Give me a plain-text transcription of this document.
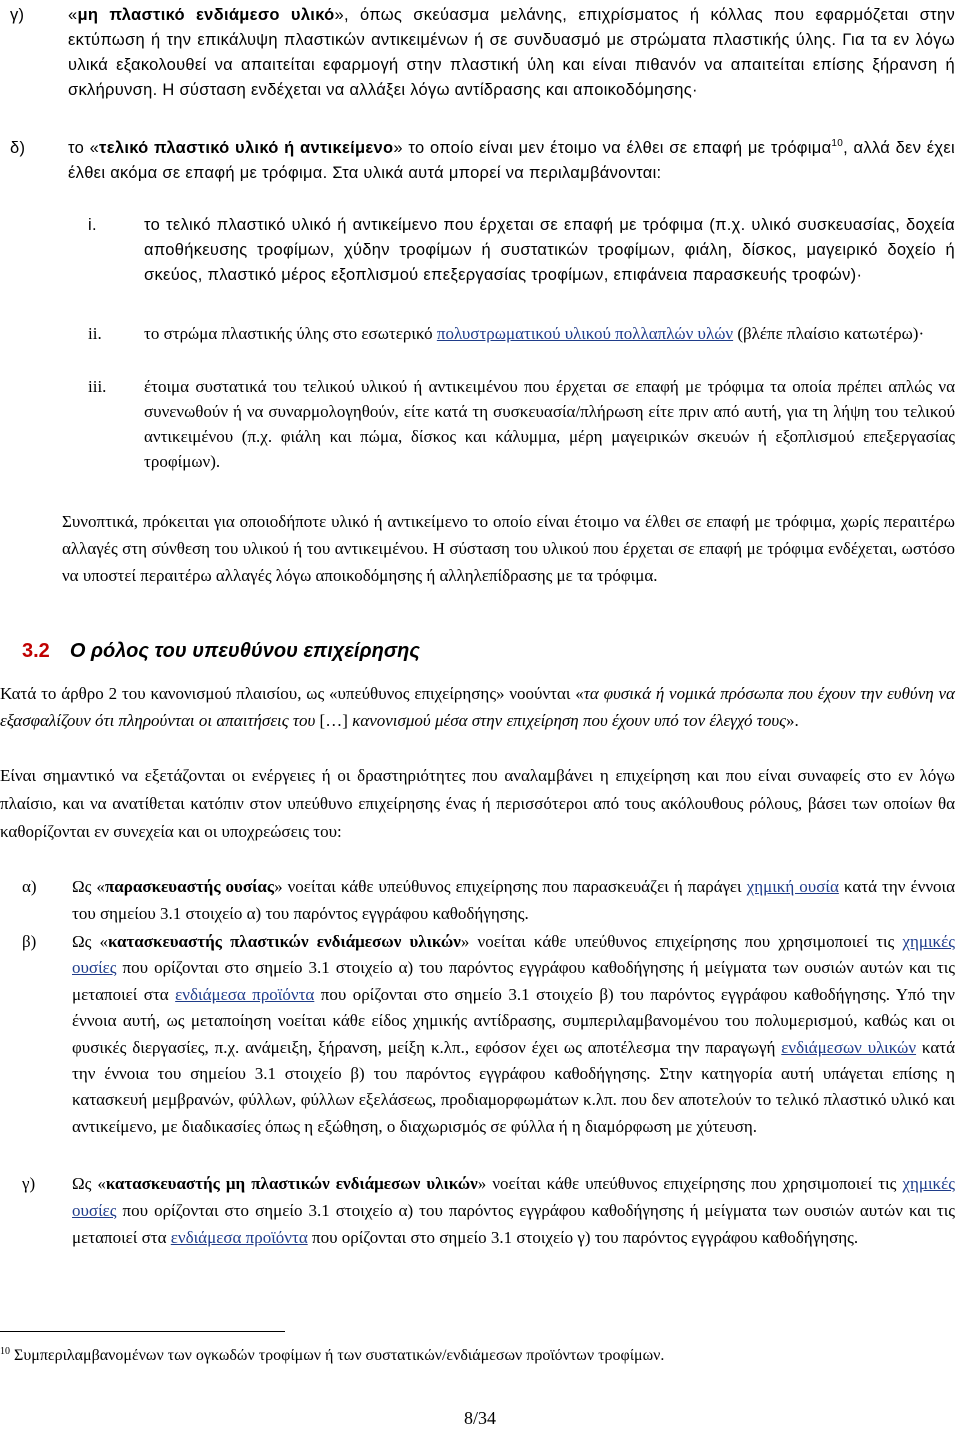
γ)	«μη πλαστικό ενδιάμεσο υλικό», όπως σκεύασμα μελάνης, επιχρίσματος ή κόλλας που εφαρμόζεται στην εκτύπωση ή την επικάλυψη πλαστικών αντικειμένων ή σε συνδυασμό με στρώματα πλαστικής ύλης. Για τα εν λόγω υλικά εξακολουθεί να απαιτείται εφαρμογή στην πλαστική ύλη και είναι πιθανόν να απαιτείται επίσης ξήρανση ή σκλήρυνση. Η σύσταση ενδέχεται να αλλάξει λόγω αντίδρασης και αποικοδόμησης·

δ)	το «τελικό πλαστικό υλικό ή αντικείμενο» το οποίο είναι μεν έτοιμο να έλθει σε επαφή με τρόφιμα$^{10}$, αλλά δεν έχει έλθει ακόμα σε επαφή με τρόφιμα. Στα υλικά αυτά μπορεί να περιλαμβάνονται:

i.	το τελικό πλαστικό υλικό ή αντικείμενο που έρχεται σε επαφή με τρόφιμα (π.χ. υλικό συσκευασίας, δοχεία αποθήκευσης τροφίμων, χύδην τροφίμων ή συστατικών τροφίμων, φιάλη, δίσκος, μαγειρικό δοχείο ή σκεύος, πλαστικό μέρος εξοπλισμού επεξεργασίας τροφίμων, επιφάνεια παρασκευής τροφών)·

ii. το στρώμα πλαστικής ύλης στο εσωτερικό πολυστρωματικού υλικού πολλαπλών υλών (βλέπε πλαίσιο κατωτέρω)·

iii. έτοιμα συστατικά του τελικού υλικού ή αντικειμένου που έρχεται σε επαφή με τρόφιμα τα οποία πρέπει απλώς να συνενωθούν ή να συναρμολογηθούν, είτε κατά τη συσκευασία/πλήρωση είτε πριν από αυτή, για τη λήψη του τελικού αντικειμένου (π.χ. φιάλη και πώμα, δίσκος και κάλυμμα, μέρη μαγειρικών σκευών ή εξοπλισμού επεξεργασίας τροφίμων).

Συνοπτικά, πρόκειται για οποιοδήποτε υλικό ή αντικείμενο το οποίο είναι έτοιμο να έλθει σε επαφή με τρόφιμα, χωρίς περαιτέρω αλλαγές στη σύνθεση του υλικού ή του αντικειμένου. Η σύσταση του υλικού που έρχεται σε επαφή με τρόφιμα ενδέχεται, ωστόσο να υποστεί περαιτέρω αλλαγές λόγω αποικοδόμησης ή αλληλεπίδρασης με τα τρόφιμα.

3.2 Ο ρόλος του υπευθύνου επιχείρησης

Κατά το άρθρο 2 του κανονισμού πλαισίου, ως «υπεύθυνος επιχείρησης» νοούνται «τα φυσικά ή νομικά πρόσωπα που έχουν την ευθύνη να εξασφαλίζουν ότι πληρούνται οι απαιτήσεις του […] κανονισμού μέσα στην επιχείρηση που έχουν υπό τον έλεγχό τους».

Είναι σημαντικό να εξετάζονται οι ενέργειες ή οι δραστηριότητες που αναλαμβάνει η επιχείρηση και που είναι συναφείς στο εν λόγω πλαίσιο, και να ανατίθεται κατόπιν στον υπεύθυνο επιχείρησης ένας ή περισσότεροι από τους ακόλουθους ρόλους, βάσει των οποίων θα καθορίζονται εν συνεχεία και οι υποχρεώσεις του:

α) Ως «παρασκευαστής ουσίας» νοείται κάθε υπεύθυνος επιχείρησης που παρασκευάζει ή παράγει χημική ουσία κατά την έννοια του σημείου 3.1 στοιχείο α) του παρόντος εγγράφου καθοδήγησης.

β) Ως «κατασκευαστής πλαστικών ενδιάμεσων υλικών» νοείται κάθε υπεύθυνος επιχείρησης που χρησιμοποιεί τις χημικές ουσίες που ορίζονται στο σημείο 3.1 στοιχείο α) του παρόντος εγγράφου καθοδήγησης ή μείγματα των ουσιών αυτών και τις μεταποιεί στα ενδιάμεσα προϊόντα που ορίζονται στο σημείο 3.1 στοιχείο β) του παρόντος εγγράφου καθοδήγησης. Υπό την έννοια αυτή, ως μεταποίηση νοείται κάθε είδος χημικής αντίδρασης, συμπεριλαμβανομένου του πολυμερισμού, καθώς και οι φυσικές διεργασίες, π.χ. ανάμειξη, ξήρανση, μείξη κ.λπ., εφόσον έχει ως αποτέλεσμα την παραγωγή ενδιάμεσων υλικών κατά την έννοια του σημείου 3.1 στοιχείο β) του παρόντος εγγράφου καθοδήγησης. Στην κατηγορία αυτή υπάγεται επίσης η κατασκευή μεμβρανών, φύλλων, φύλλων εξελάσεως, προδιαμορφωμάτων κ.λπ. που δεν αποτελούν το τελικό πλαστικό υλικό και αντικείμενο, με διαδικασίες όπως η εξώθηση, ο διαχωρισμός σε φύλλα ή η διαμόρφωση με χύτευση.

γ) Ως «κατασκευαστής μη πλαστικών ενδιάμεσων υλικών» νοείται κάθε υπεύθυνος επιχείρησης που χρησιμοποιεί τις χημικές ουσίες που ορίζονται στο σημείο 3.1 στοιχείο α) του παρόντος εγγράφου καθοδήγησης ή μείγματα των ουσιών αυτών και τις μεταποιεί στα ενδιάμεσα προϊόντα που ορίζονται στο σημείο 3.1 στοιχείο γ) του παρόντος εγγράφου καθοδήγησης.

$^{10}$ Συμπεριλαμβανομένων των ογκωδών τροφίμων ή των συστατικών/ενδιάμεσων προϊόντων τροφίμων.
8/34
